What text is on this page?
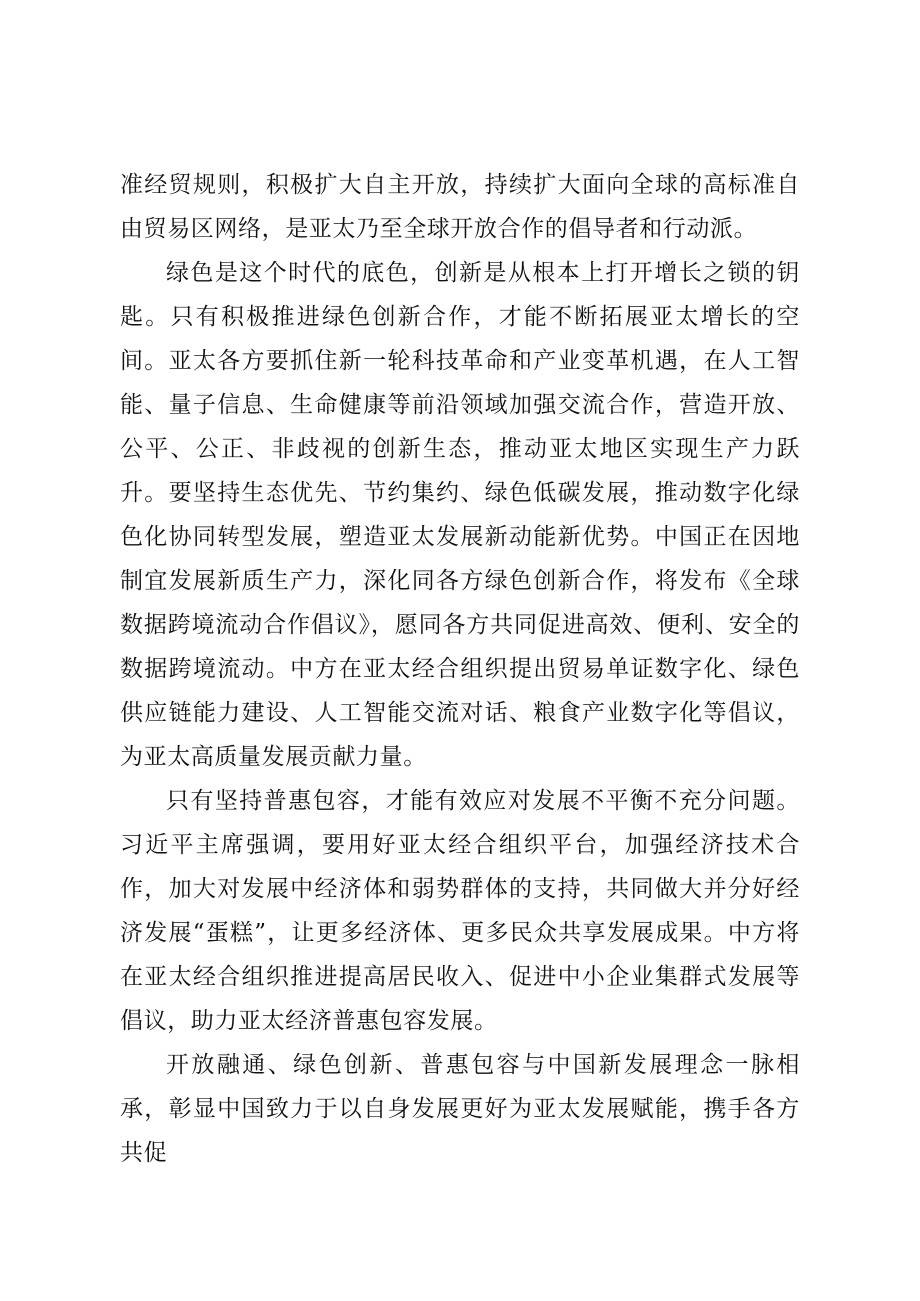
准经贸规则，积极扩大自主开放，持续扩大面向全球的高标准自由贸易区网络，是亚太乃至全球开放合作的倡导者和行动派。

绿色是这个时代的底色，创新是从根本上打开增长之锁的钥匙。只有积极推进绿色创新合作，才能不断拓展亚太增长的空间。亚太各方要抓住新一轮科技革命和产业变革机遇，在人工智能、量子信息、生命健康等前沿领域加强交流合作，营造开放、公平、公正、非歧视的创新生态，推动亚太地区实现生产力跃升。要坚持生态优先、节约集约、绿色低碳发展，推动数字化绿色化协同转型发展，塑造亚太发展新动能新优势。中国正在因地制宜发展新质生产力，深化同各方绿色创新合作，将发布《全球数据跨境流动合作倡议》，愿同各方共同促进高效、便利、安全的数据跨境流动。中方在亚太经合组织提出贸易单证数字化、绿色供应链能力建设、人工智能交流对话、粮食产业数字化等倡议，为亚太高质量发展贡献力量。

只有坚持普惠包容，才能有效应对发展不平衡不充分问题。习近平主席强调，要用好亚太经合组织平台，加强经济技术合作，加大对发展中经济体和弱势群体的支持，共同做大并分好经济发展“蛋糕”，让更多经济体、更多民众共享发展成果。中方将在亚太经合组织推进提高居民收入、促进中小企业集群式发展等倡议，助力亚太经济普惠包容发展。

开放融通、绿色创新、普惠包容与中国新发展理念一脉相承，彰显中国致力于以自身发展更好为亚太发展赋能，携手各方共促
